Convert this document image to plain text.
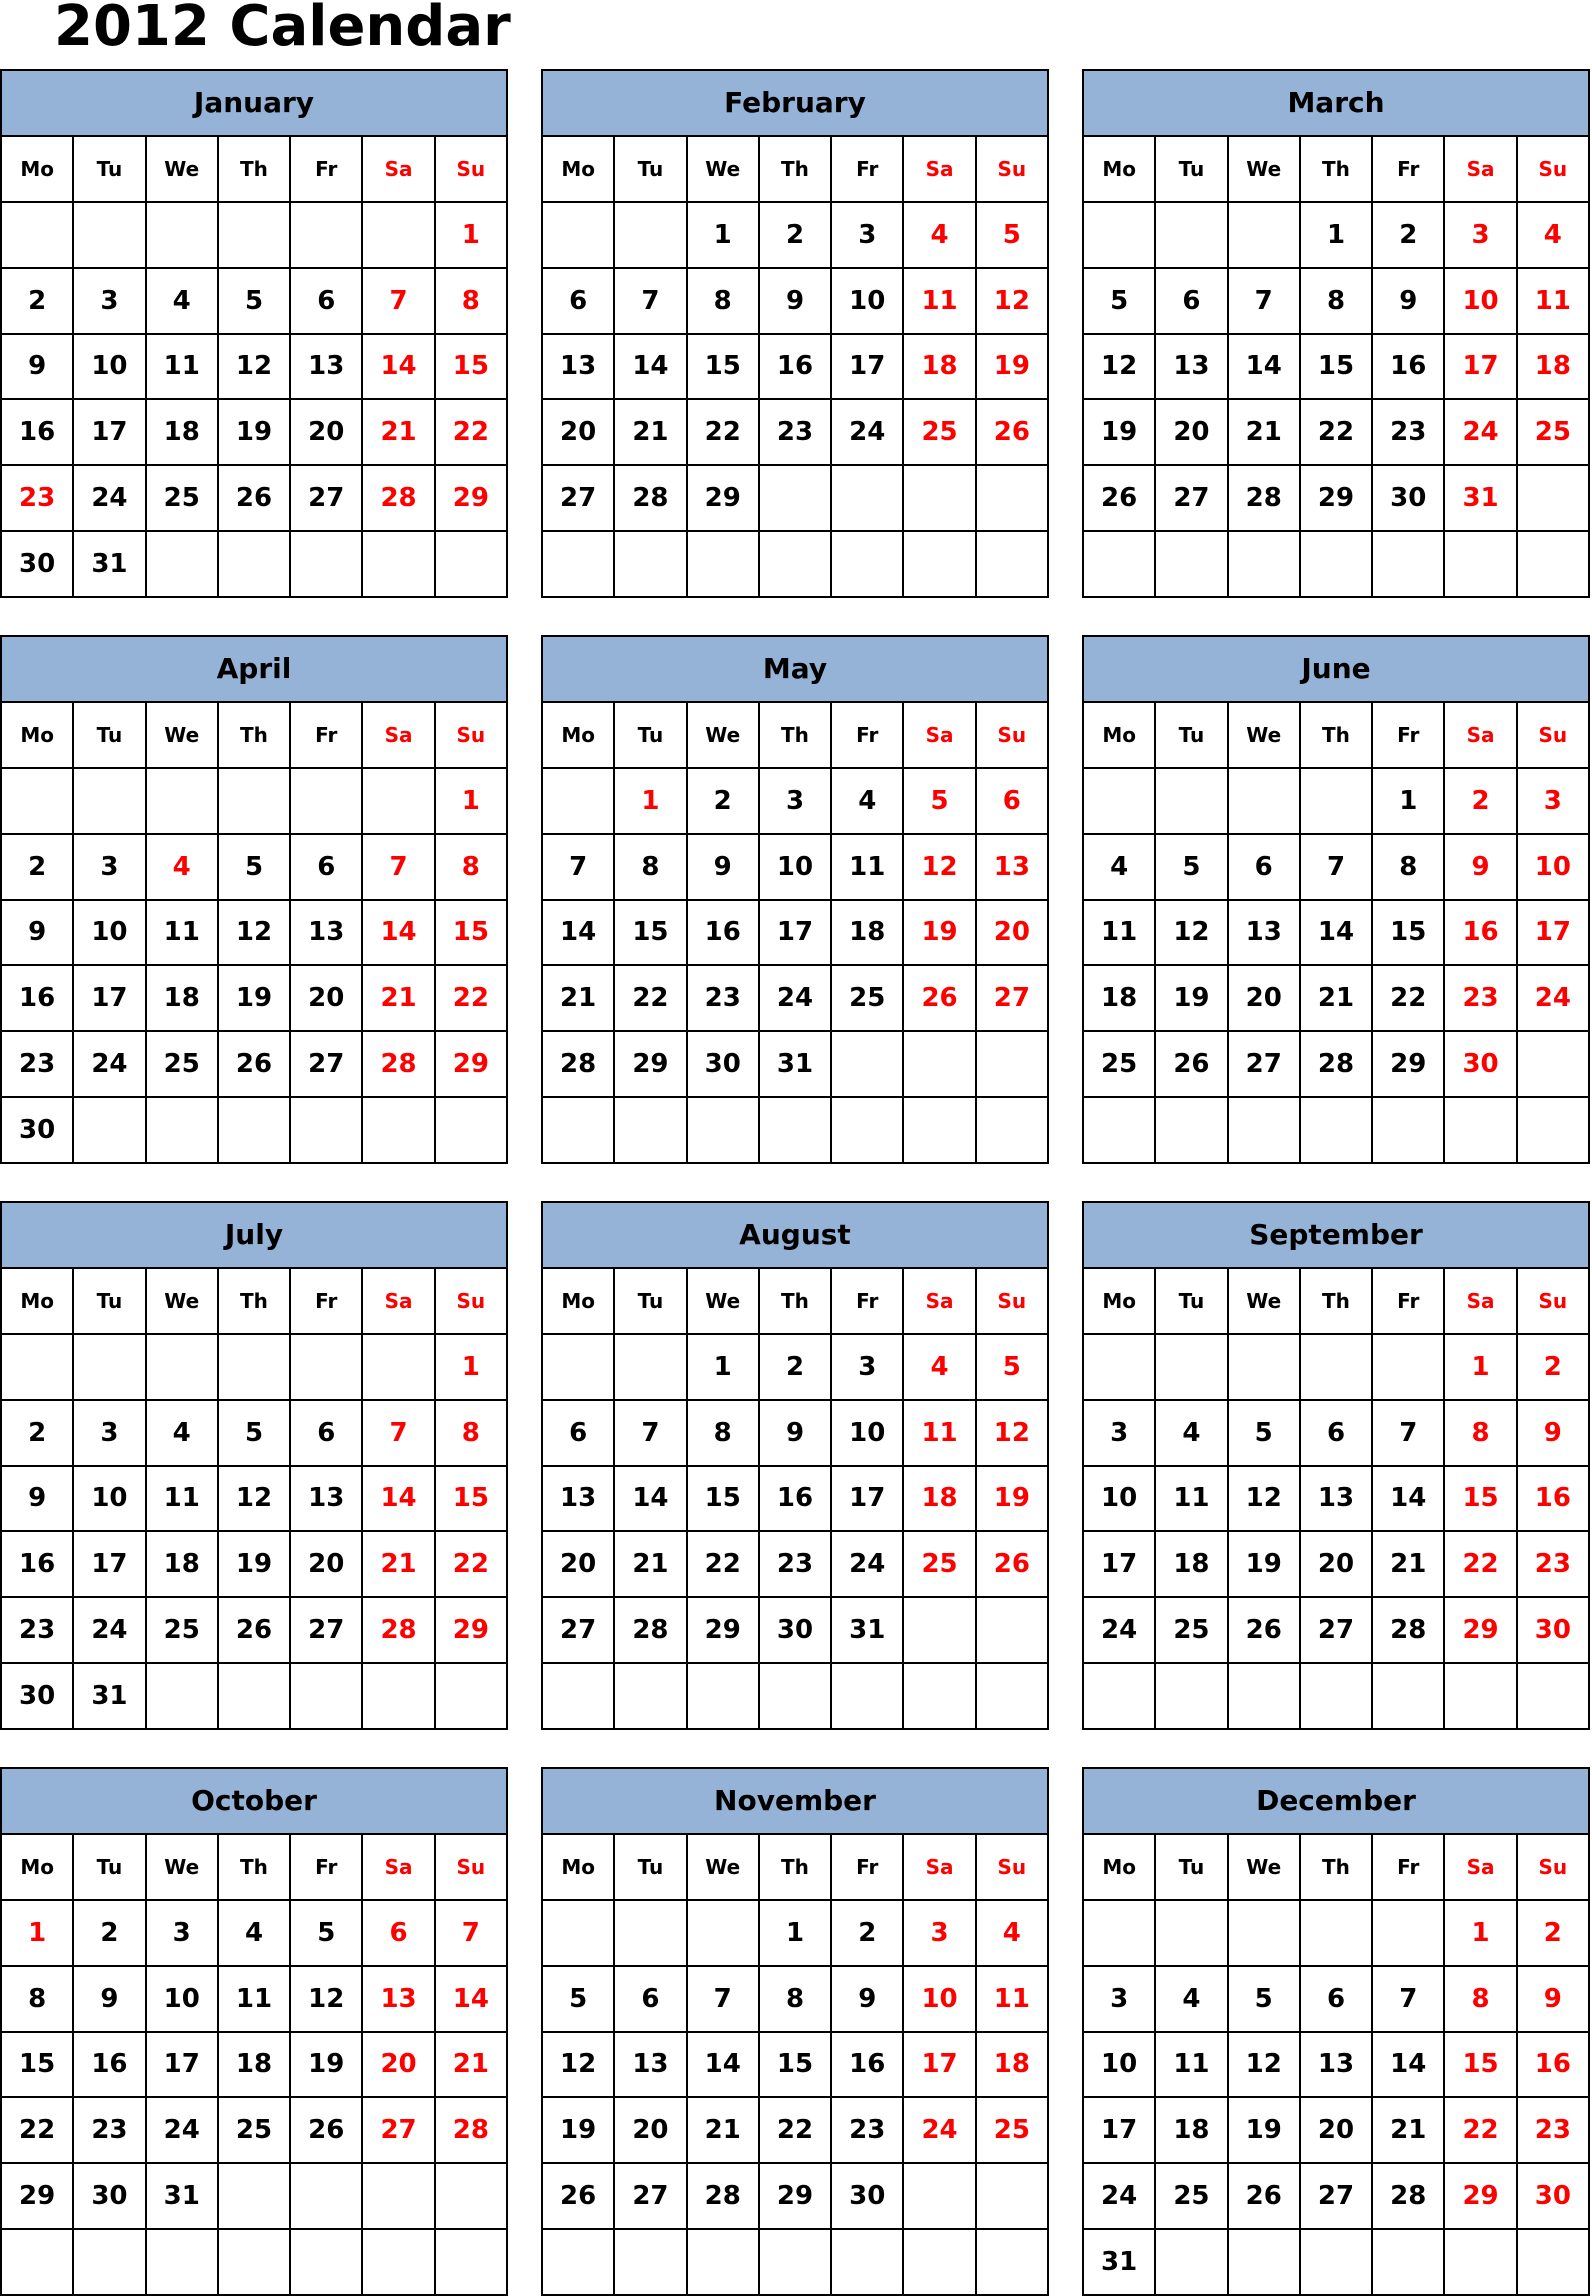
2012 Calendar
January						
Mo	Tu	We	Th	Fr	Sa	Su
						1
2	3	4	5	6	7	8
9	10	11	12	13	14	15
16	17	18	19	20	21	22
23	24	25	26	27	28	29
30	31					
February						
Mo	Tu	We	Th	Fr	Sa	Su
		1	2	3	4	5
6	7	8	9	10	11	12
13	14	15	16	17	18	19
20	21	22	23	24	25	26
27	28	29				

March						
Mo	Tu	We	Th	Fr	Sa	Su
			1	2	3	4
5	6	7	8	9	10	11
12	13	14	15	16	17	18
19	20	21	22	23	24	25
26	27	28	29	30	31	

April						
Mo	Tu	We	Th	Fr	Sa	Su
						1
2	3	4	5	6	7	8
9	10	11	12	13	14	15
16	17	18	19	20	21	22
23	24	25	26	27	28	29
30						
May						
Mo	Tu	We	Th	Fr	Sa	Su
	1	2	3	4	5	6
7	8	9	10	11	12	13
14	15	16	17	18	19	20
21	22	23	24	25	26	27
28	29	30	31			

June						
Mo	Tu	We	Th	Fr	Sa	Su
				1	2	3
4	5	6	7	8	9	10
11	12	13	14	15	16	17
18	19	20	21	22	23	24
25	26	27	28	29	30	

July						
Mo	Tu	We	Th	Fr	Sa	Su
						1
2	3	4	5	6	7	8
9	10	11	12	13	14	15
16	17	18	19	20	21	22
23	24	25	26	27	28	29
30	31					
August						
Mo	Tu	We	Th	Fr	Sa	Su
		1	2	3	4	5
6	7	8	9	10	11	12
13	14	15	16	17	18	19
20	21	22	23	24	25	26
27	28	29	30	31		

September						
Mo	Tu	We	Th	Fr	Sa	Su
					1	2
3	4	5	6	7	8	9
10	11	12	13	14	15	16
17	18	19	20	21	22	23
24	25	26	27	28	29	30

October						
Mo	Tu	We	Th	Fr	Sa	Su
1	2	3	4	5	6	7
8	9	10	11	12	13	14
15	16	17	18	19	20	21
22	23	24	25	26	27	28
29	30	31				

November						
Mo	Tu	We	Th	Fr	Sa	Su
			1	2	3	4
5	6	7	8	9	10	11
12	13	14	15	16	17	18
19	20	21	22	23	24	25
26	27	28	29	30		

December						
Mo	Tu	We	Th	Fr	Sa	Su
					1	2
3	4	5	6	7	8	9
10	11	12	13	14	15	16
17	18	19	20	21	22	23
24	25	26	27	28	29	30
31						
